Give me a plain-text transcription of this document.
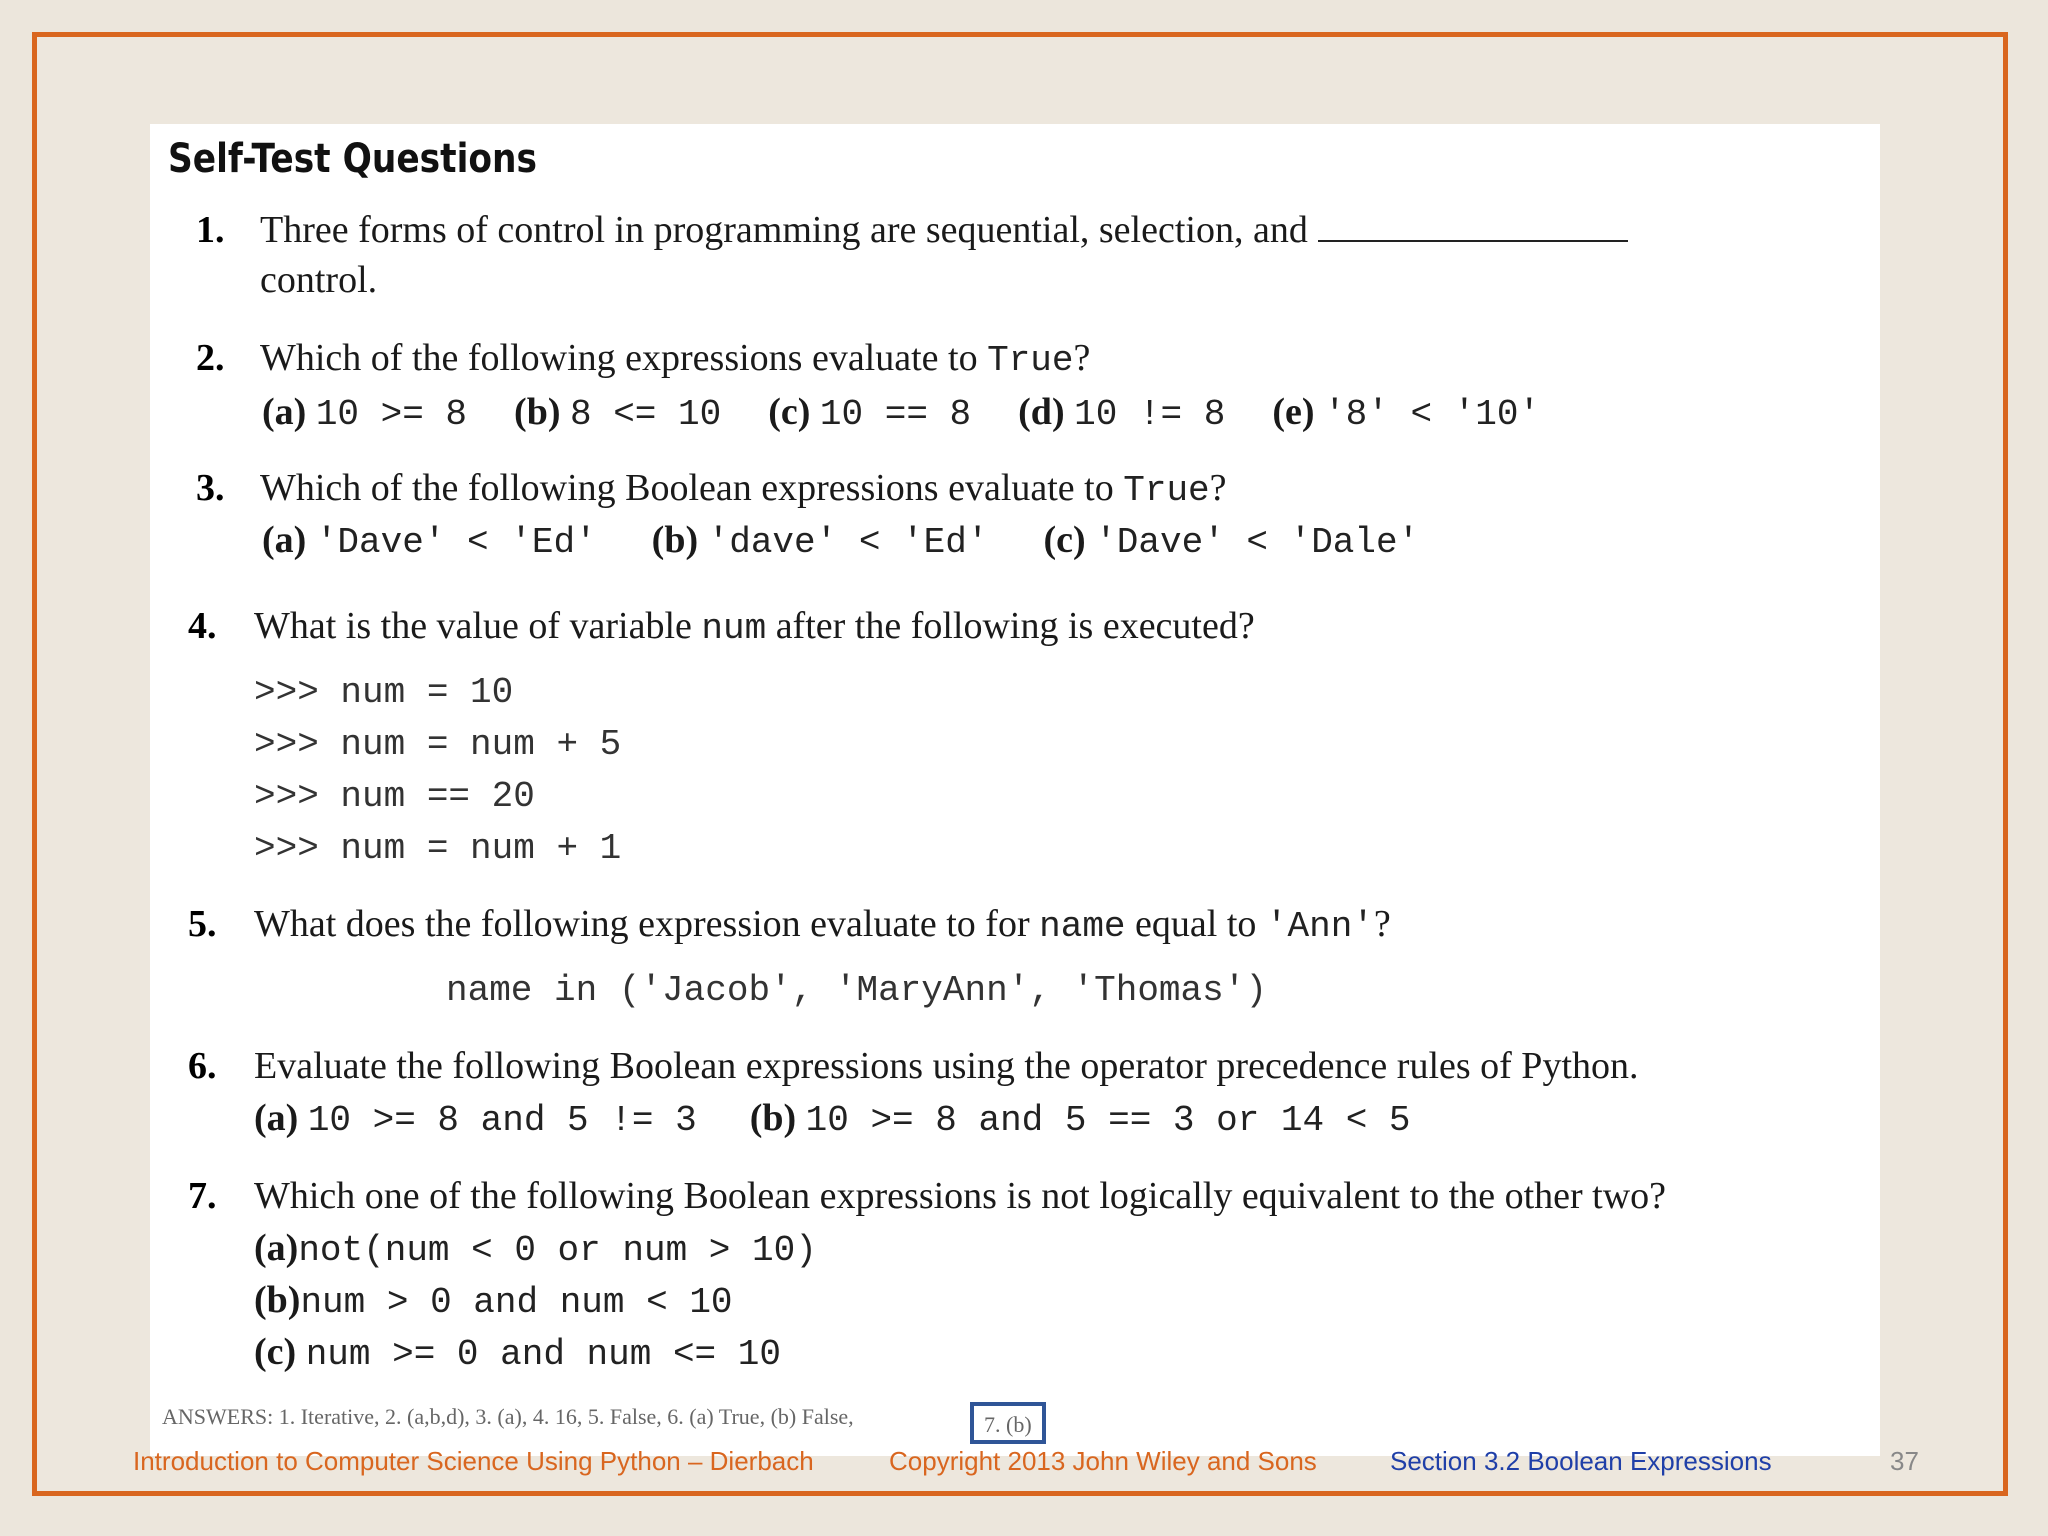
Self-Test Questions
1. Three forms of control in programming are sequential, selection, and
control.
2. Which of the following expressions evaluate to True?
(a) 10 >= 8 (b) 8 <= 10 (c) 10 == 8 (d) 10 != 8 (e) '8' < '10'
3. Which of the following Boolean expressions evaluate to True?
(a) 'Dave' < 'Ed' (b) 'dave' < 'Ed' (c) 'Dave' < 'Dale'
4. What is the value of variable num after the following is executed?
>>> num = 10
>>> num = num + 5
>>> num == 20
>>> num = num + 1
5. What does the following expression evaluate to for name equal to 'Ann'?
name in ('Jacob', 'MaryAnn', 'Thomas')
6. Evaluate the following Boolean expressions using the operator precedence rules of Python.
(a) 10 >= 8 and 5 != 3 (b) 10 >= 8 and 5 == 3 or 14 < 5
7. Which one of the following Boolean expressions is not logically equivalent to the other two?
(a)not(num < 0 or num > 10)
(b)num > 0 and num < 10
(c) num >= 0 and num <= 10
ANSWERS: 1. Iterative, 2. (a,b,d), 3. (a), 4. 16, 5. False, 6. (a) True, (b) False,	7. (b)
Introduction to Computer Science Using Python – Dierbach	Copyright 2013 John Wiley and Sons	Section 3.2 Boolean Expressions	37
